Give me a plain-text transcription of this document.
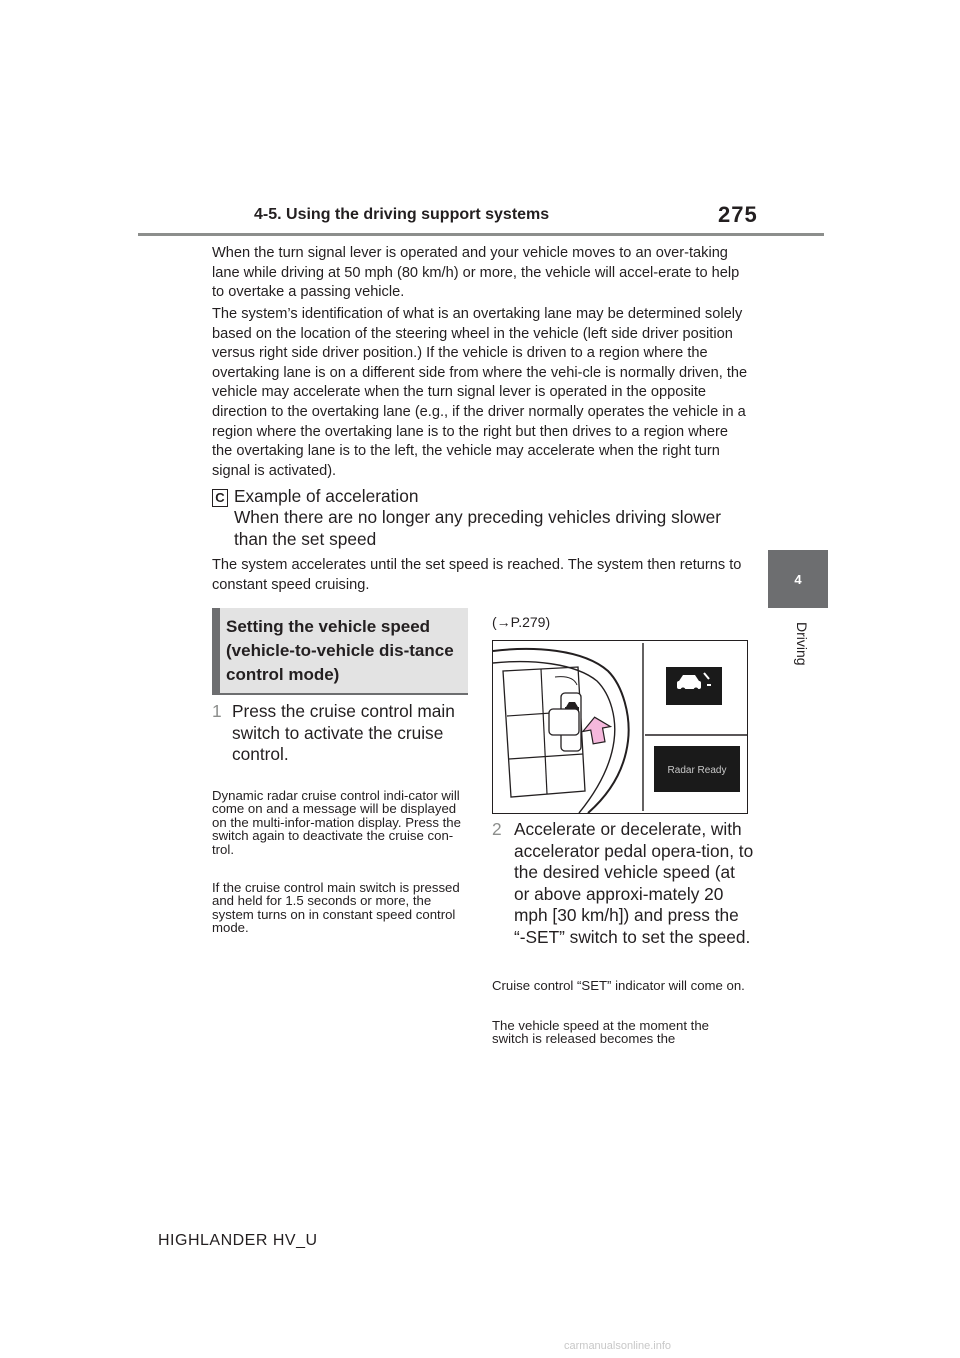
4-5. Using the driving support systems	275
4
Driving
When the turn signal lever is operated and your vehicle moves to an over-taking lane while driving at 50 mph (80 km/h) or more, the vehicle will accel-erate to help to overtake a passing vehicle.
The system’s identification of what is an overtaking lane may be determined solely based on the location of the steering wheel in the vehicle (left side driver position versus right side driver position.) If the vehicle is driven to a region where the overtaking lane is on a different side from where the vehi-cle is normally driven, the vehicle may accelerate when the turn signal lever is operated in the opposite direction to the overtaking lane (e.g., if the driver normally operates the vehicle in a region where the overtaking lane is to the right but then drives to a region where the overtaking lane is to the left, the vehicle may accelerate when the right turn signal is activated).
C Example of acceleration
When there are no longer any preceding vehicles driving slower than the set speed
The system accelerates until the set speed is reached. The system then returns to constant speed cruising.
Setting the vehicle speed (vehicle-to-vehicle dis-tance control mode)
1 Press the cruise control main switch to activate the cruise control.
Dynamic radar cruise control indi-cator will come on and a message will be displayed on the multi-infor-mation display. Press the switch again to deactivate the cruise con-trol.
If the cruise control main switch is pressed and held for 1.5 seconds or more, the system turns on in constant speed control mode.
(→P.279)
Radar Ready
2 Accelerate or decelerate, with accelerator pedal opera-tion, to the desired vehicle speed (at or above approxi-mately 20 mph [30 km/h]) and press the “-SET” switch to set the speed.
Cruise control “SET” indicator will come on.
The vehicle speed at the moment the switch is released becomes the
HIGHLANDER HV_U
carmanualsonline.info
